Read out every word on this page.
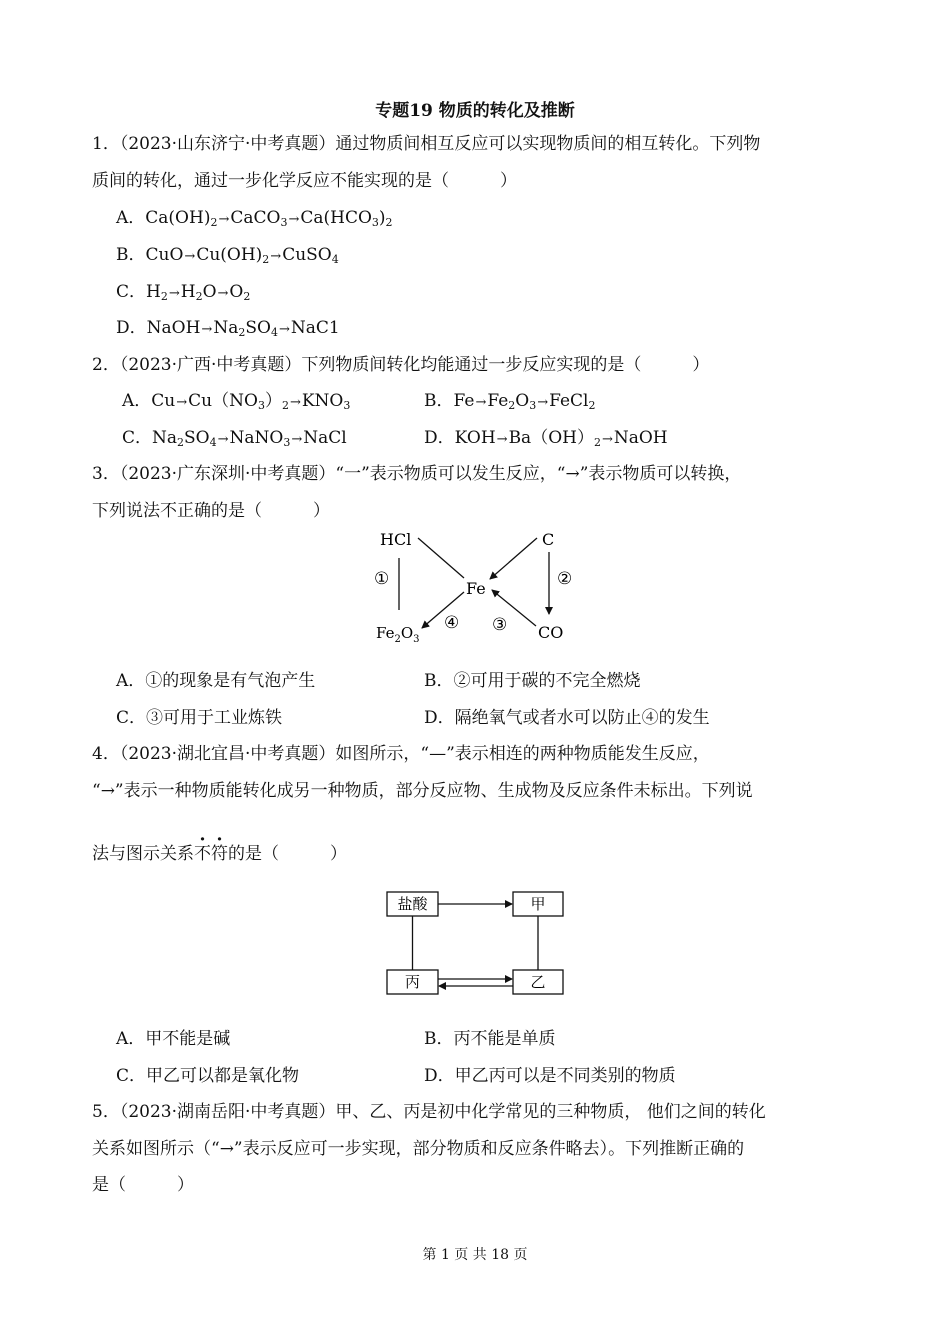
专题19 物质的转化及推断
1．（2023·山东济宁·中考真题）通过物质间相互反应可以实现物质间的相互转化。下列物
质间的转化，通过一步化学反应不能实现的是（　　　）
A．$Ca(OH)_2\to CaCO_3\to Ca(HCO_3)_2$
B．$CuO\to Cu(OH)_2\to CuSO_4$
C．$H_2\to H_2O\to O_2$
D．$NaOH\to Na_2SO_4\to NaC1$
2．（2023·广西·中考真题）下列物质间转化均能通过一步反应实现的是（　　　）
A．$Cu\to Cu(NO_3)_2\to KNO_3$	B．$Fe\to Fe_2O_3\to FeCl_2$
C．$Na_2SO_4\to NaNO_3\to NaCl$	D．$KOH\to Ba(OH)_2\to NaOH$
3．（2023·广东深圳·中考真题）“一”表示物质可以发生反应，“→”表示物质可以转换，
下列说法不正确的是（　　　）
HCl	C
Fe
CO
$Fe_2O_3$
①	②
③
④
A．①的现象是有气泡产生	B．②可用于碳的不完全燃烧
C．③可用于工业炼铁	D．隔绝氧气或者水可以防止④的发生
4．（2023·湖北宜昌·中考真题）如图所示，“—”表示相连的两种物质能发生反应，
“→”表示一种物质能转化成另一种物质，部分反应物、生成物及反应条件未标出。下列说
法与图示关系不符的是（　　　）
盐酸	甲
丙	乙
A．甲不能是碱	B．丙不能是单质
C．甲乙可以都是氧化物	D．甲乙丙可以是不同类别的物质
5．（2023·湖南岳阳·中考真题）甲、乙、丙是初中化学常见的三种物质， 他们之间的转化
关系如图所示（“→”表示反应可一步实现，部分物质和反应条件略去）。下列推断正确的
是（　　　）
第 1 页 共 18 页
